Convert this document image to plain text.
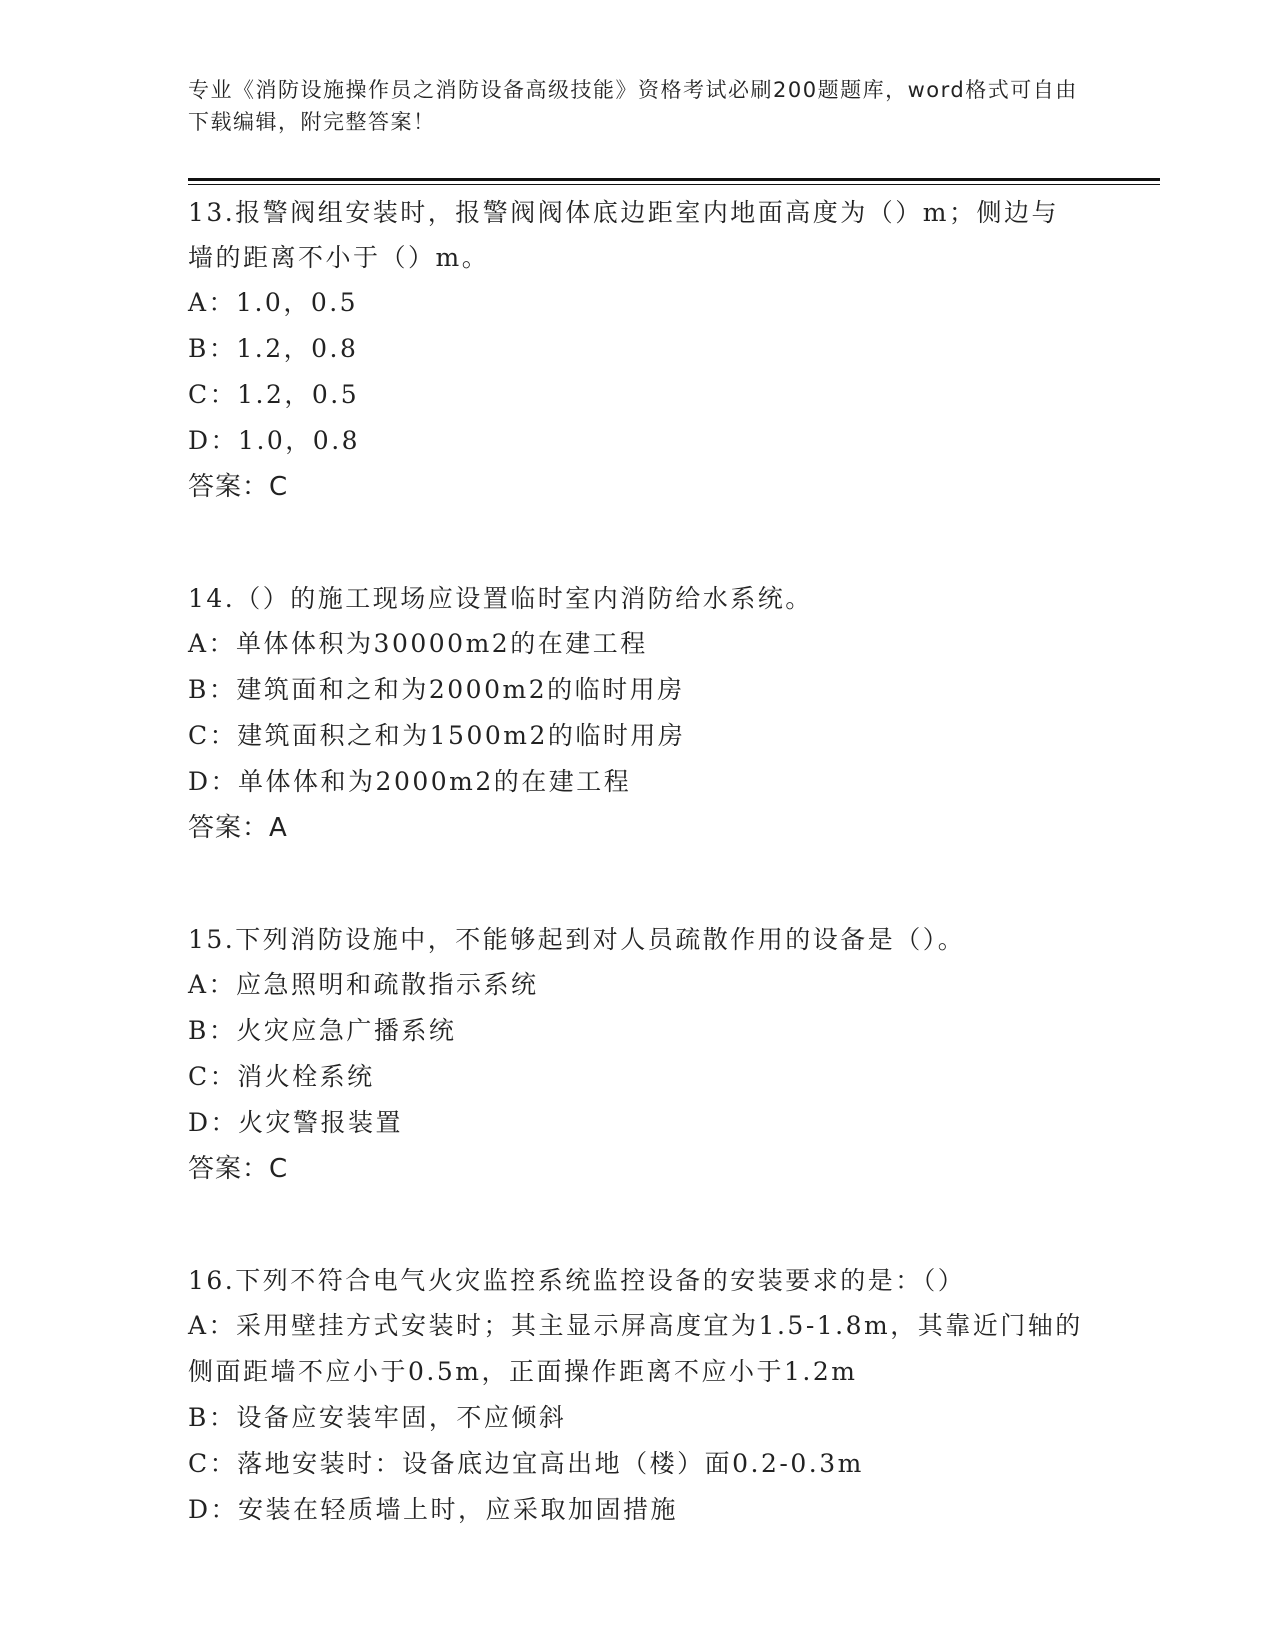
专业《消防设施操作员之消防设备高级技能》资格考试必刷200题题库，word格式可自由下载编辑，附完整答案！

13.报警阀组安装时，报警阀阀体底边距室内地面高度为（）m；侧边与墙的距离不小于（）m。

A：1.0，0.5

B：1.2，0.8

C：1.2，0.5

D：1.0，0.8

答案：C

14.（）的施工现场应设置临时室内消防给水系统。

A：单体体积为30000m2的在建工程

B：建筑面和之和为2000m2的临时用房

C：建筑面积之和为1500m2的临时用房

D：单体体和为2000m2的在建工程

答案：A

15.下列消防设施中，不能够起到对人员疏散作用的设备是（）。

A：应急照明和疏散指示系统

B：火灾应急广播系统

C：消火栓系统

D：火灾警报装置

答案：C

16.下列不符合电气火灾监控系统监控设备的安装要求的是：（）

A：采用壁挂方式安装时；其主显示屏高度宜为1.5-1.8m，其靠近门轴的侧面距墙不应小于0.5m，正面操作距离不应小于1.2m

B：设备应安装牢固，不应倾斜

C：落地安装时：设备底边宜高出地（楼）面0.2-0.3m

D：安装在轻质墙上时，应采取加固措施
